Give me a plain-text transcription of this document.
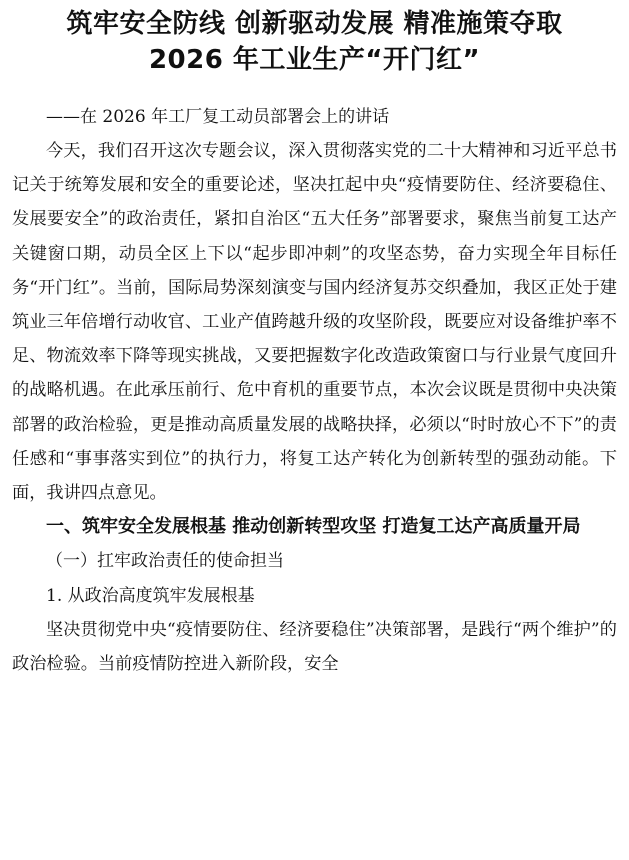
筑牢安全防线 创新驱动发展 精准施策夺取

2026 年工业生产“开门红”

——在 2026 年工厂复工动员部署会上的讲话

今天，我们召开这次专题会议，深入贯彻落实党的二十大精神和习近平总书记关于统筹发展和安全的重要论述，坚决扛起中央“疫情要防住、经济要稳住、发展要安全”的政治责任，紧扣自治区“五大任务”部署要求，聚焦当前复工达产关键窗口期，动员全区上下以“起步即冲刺”的攻坚态势，奋力实现全年目标任务“开门红”。当前，国际局势深刻演变与国内经济复苏交织叠加，我区正处于建筑业三年倍增行动收官、工业产值跨越升级的攻坚阶段，既要应对设备维护率不足、物流效率下降等现实挑战，又要把握数字化改造政策窗口与行业景气度回升的战略机遇。在此承压前行、危中育机的重要节点，本次会议既是贯彻中央决策部署的政治检验，更是推动高质量发展的战略抉择，必须以“时时放心不下”的责任感和“事事落实到位”的执行力，将复工达产转化为创新转型的强劲动能。下面，我讲四点意见。

一、筑牢安全发展根基 推动创新转型攻坚 打造复工达产高质量开局

（一）扛牢政治责任的使命担当

1. 从政治高度筑牢发展根基

坚决贯彻党中央“疫情要防住、经济要稳住”决策部署，是践行“两个维护”的政治检验。当前疫情防控进入新阶段，安全
